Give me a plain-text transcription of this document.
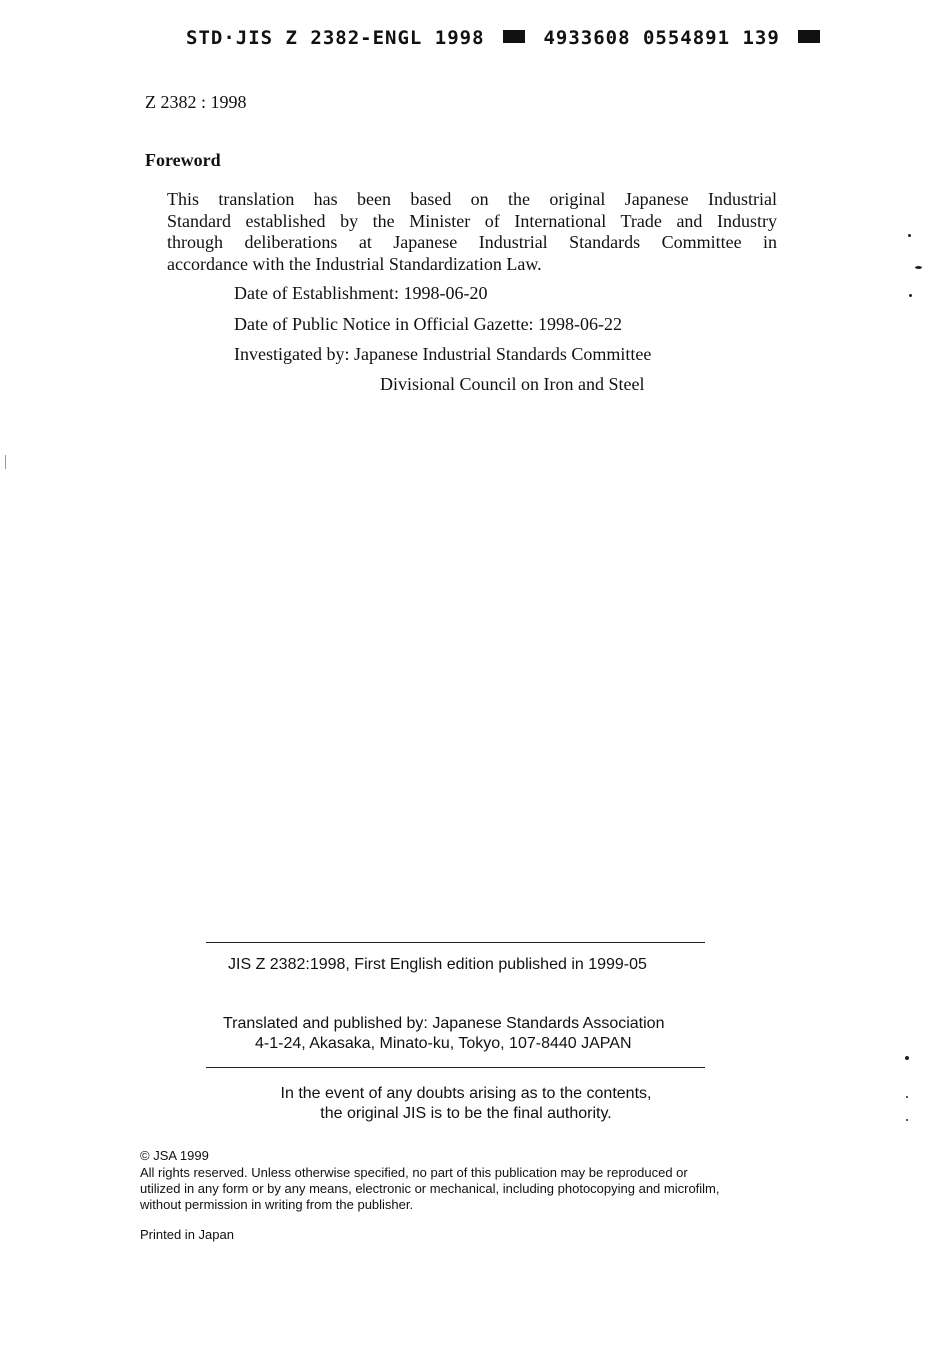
STD·JIS Z 2382-ENGL 1998	4933608 0554891 139
Z 2382 : 1998
Foreword
This translation has been based on the original Japanese Industrial
Standard established by the Minister of International Trade and Industry
through deliberations at Japanese Industrial Standards Committee in
accordance with the Industrial Standardization Law.
Date of Establishment: 1998-06-20
Date of Public Notice in Official Gazette: 1998-06-22
Investigated by: Japanese Industrial Standards Committee
Divisional Council on Iron and Steel
JIS Z 2382:1998, First English edition published in 1999-05
Translated and published by: Japanese Standards Association
4-1-24, Akasaka, Minato-ku, Tokyo, 107-8440 JAPAN
In the event of any doubts arising as to the contents,
the original JIS is to be the final authority.
© JSA 1999
All rights reserved. Unless otherwise specified, no part of this publication may be reproduced or
utilized in any form or by any means, electronic or mechanical, including photocopying and microfilm,
without permission in writing from the publisher.
Printed in Japan
